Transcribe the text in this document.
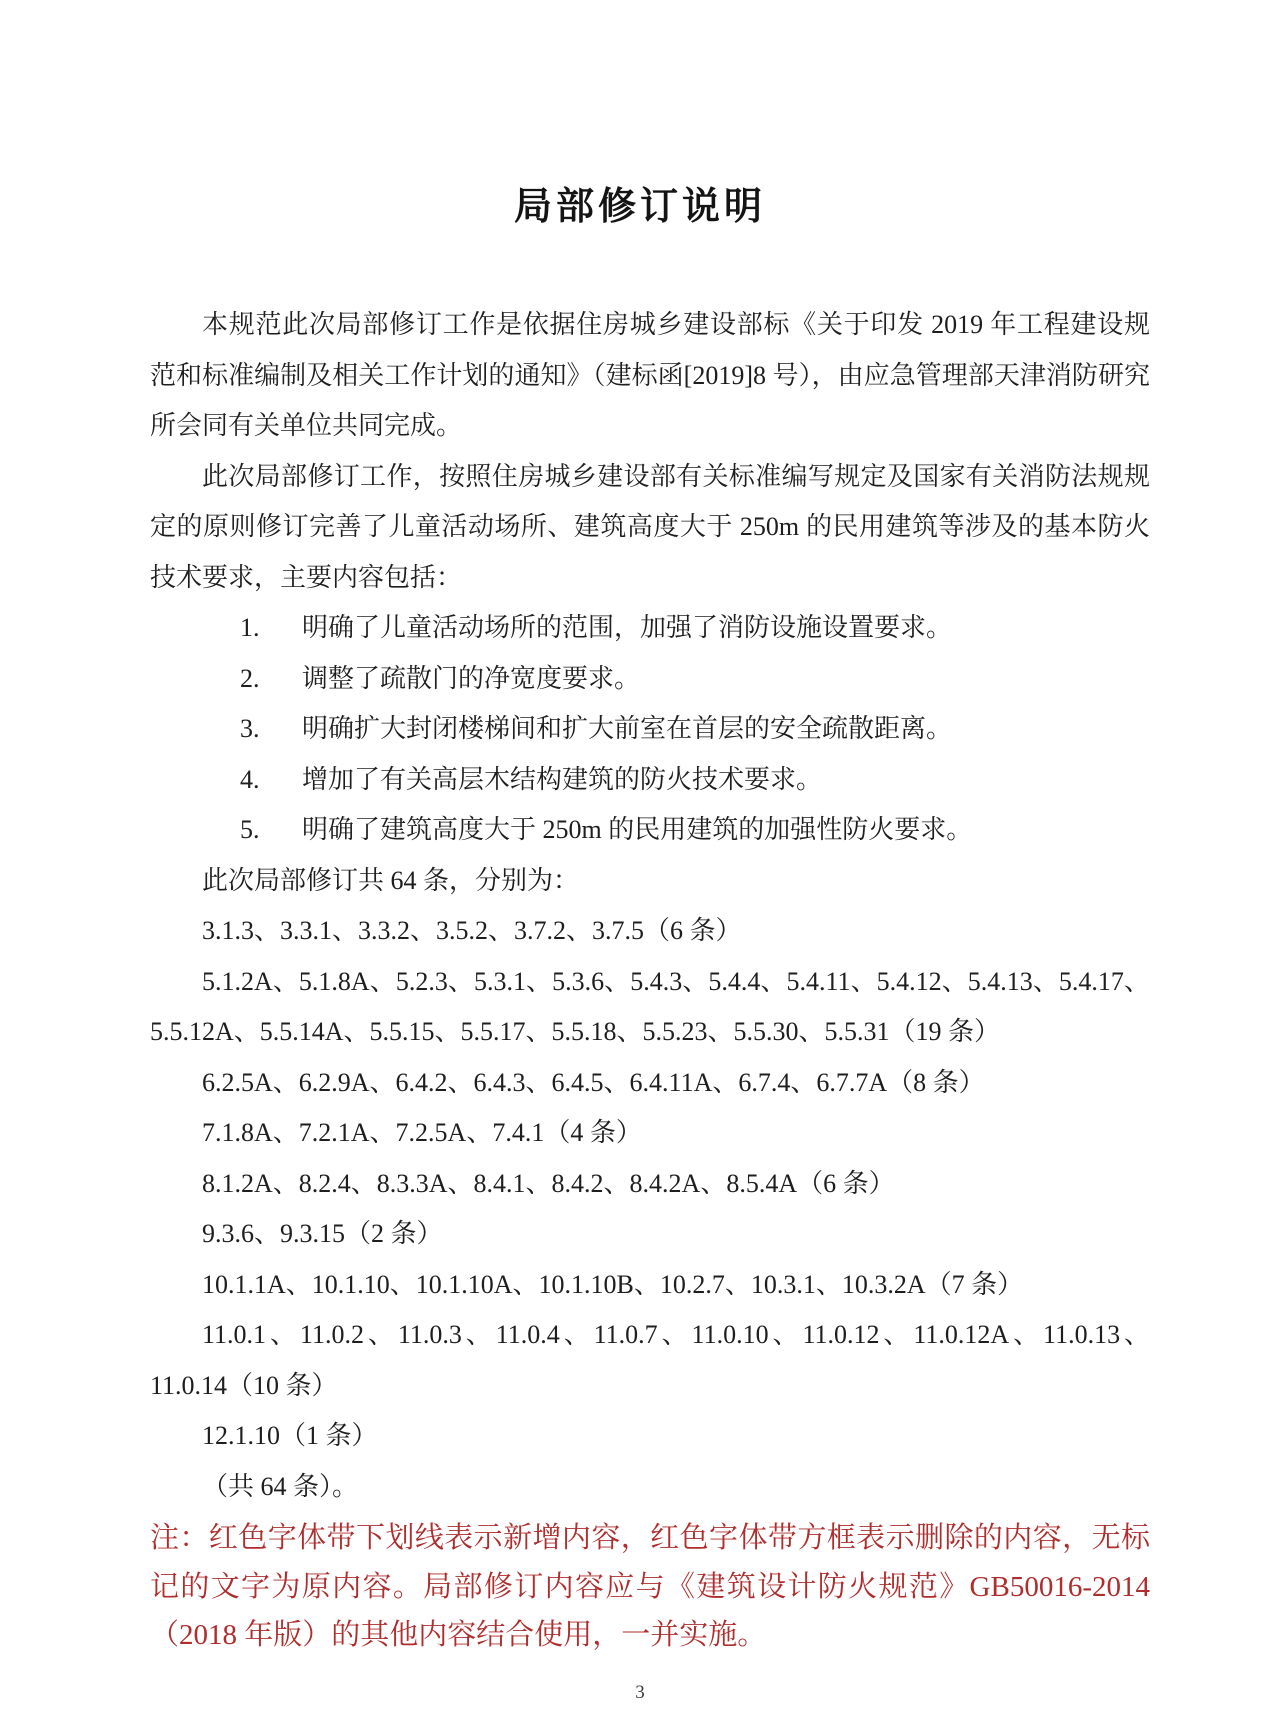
局部修订说明

本规范此次局部修订工作是依据住房城乡建设部标《关于印发 2019 年工程建设规范和标准编制及相关工作计划的通知》（建标函[2019]8 号），由应急管理部天津消防研究所会同有关单位共同完成。

此次局部修订工作，按照住房城乡建设部有关标准编写规定及国家有关消防法规规定的原则修订完善了儿童活动场所、建筑高度大于 250m 的民用建筑等涉及的基本防火技术要求，主要内容包括：

1. 明确了儿童活动场所的范围，加强了消防设施设置要求。

2. 调整了疏散门的净宽度要求。

3. 明确扩大封闭楼梯间和扩大前室在首层的安全疏散距离。

4. 增加了有关高层木结构建筑的防火技术要求。

5. 明确了建筑高度大于 250m 的民用建筑的加强性防火要求。

此次局部修订共 64 条，分别为：

3.1.3、3.3.1、3.3.2、3.5.2、3.7.2、3.7.5（6 条）

5.1.2A、5.1.8A、5.2.3、5.3.1、5.3.6、5.4.3、5.4.4、5.4.11、5.4.12、5.4.13、5.4.17、5.5.12A、5.5.14A、5.5.15、5.5.17、5.5.18、5.5.23、5.5.30、5.5.31（19 条）

6.2.5A、6.2.9A、6.4.2、6.4.3、6.4.5、6.4.11A、6.7.4、6.7.7A（8 条）

7.1.8A、7.2.1A、7.2.5A、7.4.1（4 条）

8.1.2A、8.2.4、8.3.3A、8.4.1、8.4.2、8.4.2A、8.5.4A（6 条）

9.3.6、9.3.15（2 条）

10.1.1A、10.1.10、10.1.10A、10.1.10B、10.2.7、10.3.1、10.3.2A（7 条）

11.0.1、11.0.2、11.0.3、11.0.4、11.0.7、11.0.10、11.0.12、11.0.12A、11.0.13、11.0.14（10 条）

12.1.10（1 条）

（共 64 条）。

注：红色字体带下划线表示新增内容，红色字体带方框表示删除的内容，无标记的文字为原内容。局部修订内容应与《建筑设计防火规范》GB50016-2014（2018 年版）的其他内容结合使用，一并实施。

3
